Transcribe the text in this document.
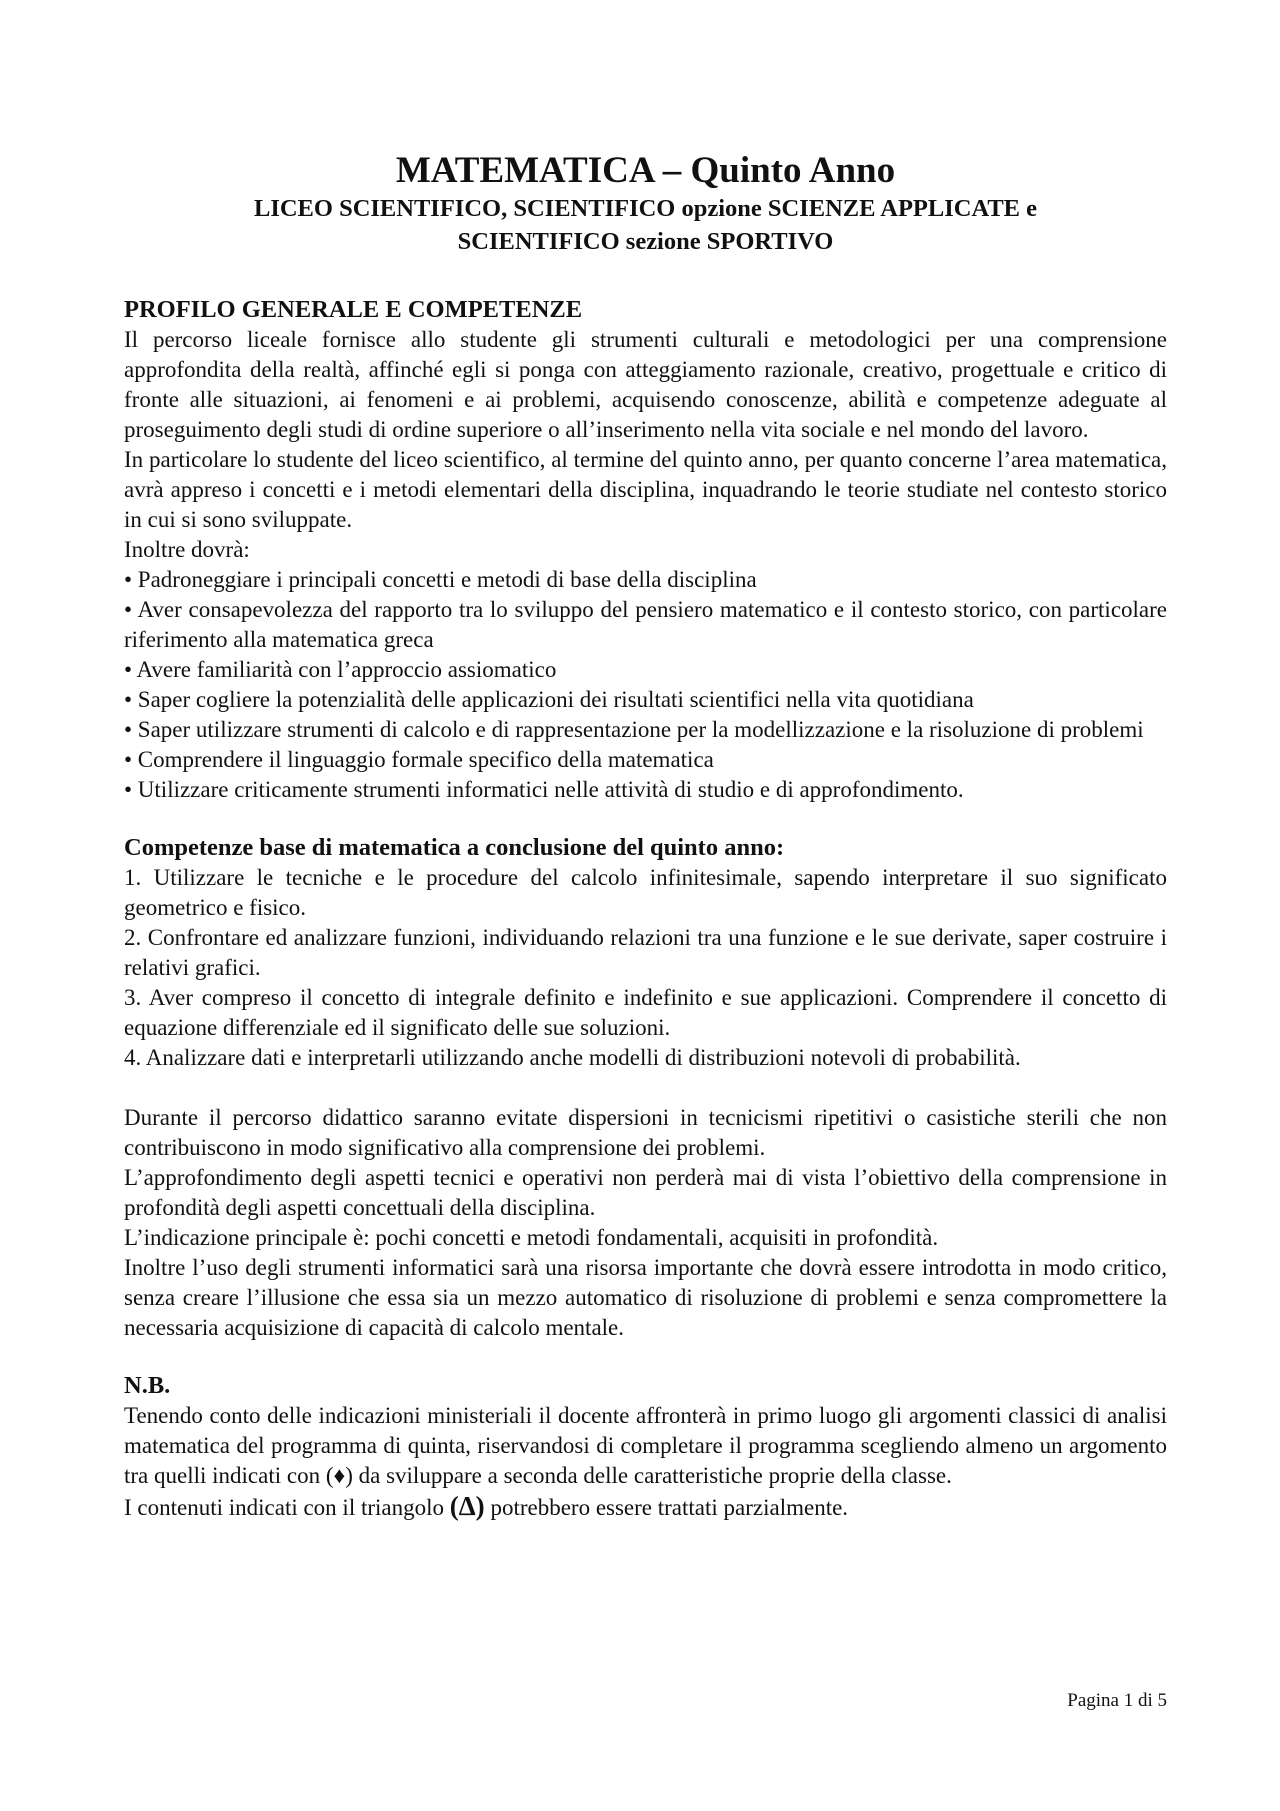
MATEMATICA – Quinto Anno
LICEO SCIENTIFICO, SCIENTIFICO opzione SCIENZE APPLICATE e
SCIENTIFICO sezione SPORTIVO
PROFILO GENERALE E COMPETENZE

Il percorso liceale fornisce allo studente gli strumenti culturali e metodologici per una comprensione approfondita della realtà, affinché egli si ponga con atteggiamento razionale, creativo, progettuale e critico di fronte alle situazioni, ai fenomeni e ai problemi, acquisendo conoscenze, abilità e competenze adeguate al proseguimento degli studi di ordine superiore o all’inserimento nella vita sociale e nel mondo del lavoro.

In particolare lo studente del liceo scientifico, al termine del quinto anno, per quanto concerne l’area matematica, avrà appreso i concetti e i metodi elementari della disciplina, inquadrando le teorie studiate nel contesto storico in cui si sono sviluppate.

Inoltre dovrà:

• Padroneggiare i principali concetti e metodi di base della disciplina
• Aver consapevolezza del rapporto tra lo sviluppo del pensiero matematico e il contesto storico, con particolare riferimento alla matematica greca
• Avere familiarità con l’approccio assiomatico
• Saper cogliere la potenzialità delle applicazioni dei risultati scientifici nella vita quotidiana
• Saper utilizzare strumenti di calcolo e di rappresentazione per la modellizzazione e la risoluzione di problemi
• Comprendere il linguaggio formale specifico della matematica
• Utilizzare criticamente strumenti informatici nelle attività di studio e di approfondimento.
Competenze base di matematica a conclusione del quinto anno:
1. Utilizzare le tecniche e le procedure del calcolo infinitesimale, sapendo interpretare il suo significato geometrico e fisico.
2. Confrontare ed analizzare funzioni, individuando relazioni tra una funzione e le sue derivate, saper costruire i relativi grafici.
3. Aver compreso il concetto di integrale definito e indefinito e sue applicazioni. Comprendere il concetto di equazione differenziale ed il significato delle sue soluzioni.
4. Analizzare dati e interpretarli utilizzando anche modelli di distribuzioni notevoli di probabilità.

Durante il percorso didattico saranno evitate dispersioni in tecnicismi ripetitivi o casistiche sterili che non contribuiscono in modo significativo alla comprensione dei problemi.

L’approfondimento degli aspetti tecnici e operativi non perderà mai di vista l’obiettivo della comprensione in profondità degli aspetti concettuali della disciplina.

L’indicazione principale è: pochi concetti e metodi fondamentali, acquisiti in profondità.

Inoltre l’uso degli strumenti informatici sarà una risorsa importante che dovrà essere introdotta in modo critico, senza creare l’illusione che essa sia un mezzo automatico di risoluzione di problemi e senza compromettere la necessaria acquisizione di capacità di calcolo mentale.

N.B.

Tenendo conto delle indicazioni ministeriali il docente affronterà in primo luogo gli argomenti classici di analisi matematica del programma di quinta, riservandosi di completare il programma scegliendo almeno un argomento tra quelli indicati con (♦) da sviluppare a seconda delle caratteristiche proprie della classe.

I contenuti indicati con il triangolo (Δ) potrebbero essere trattati parzialmente.

Pagina 1 di 5
